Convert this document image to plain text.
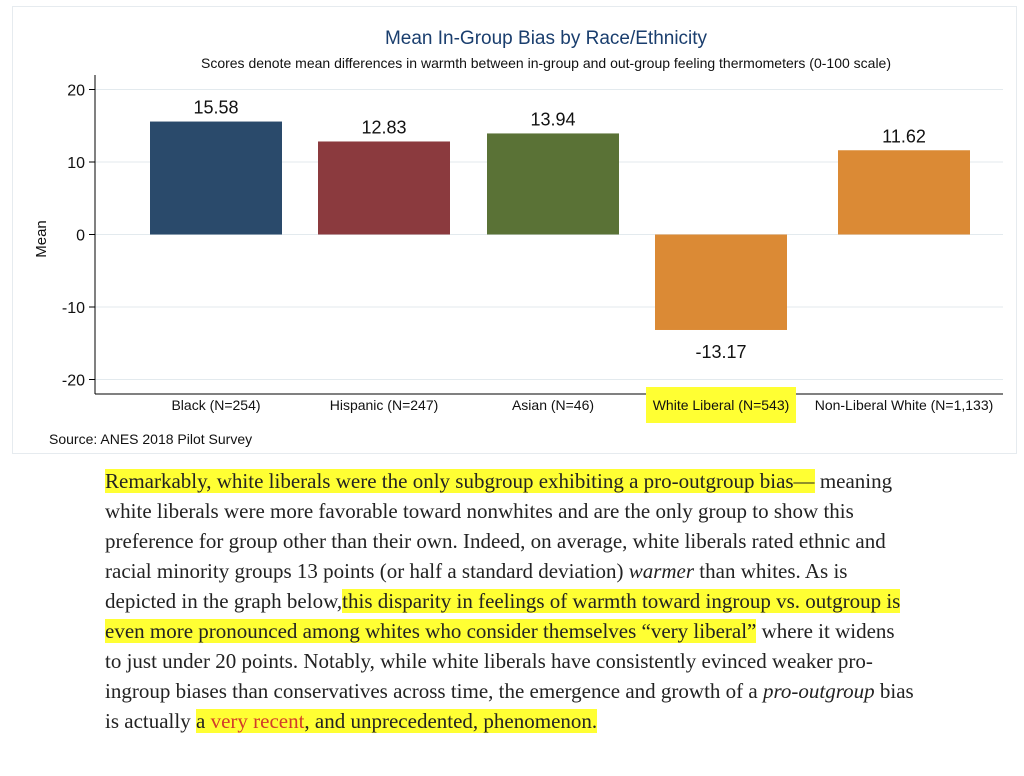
Mean In-Group Bias by Race/Ethnicity
Scores denote mean differences in warmth between in-group and out-group feeling thermometers (0-100 scale)
20
10
0
-10
-20
Black (N=254)	Hispanic (N=247)	Asian (N=46)	White Liberal (N=543) Non-Liberal White (N=1,133)
15.58
12.83	13.94
-13.17
11.62
Mean
Source: ANES 2018 Pilot Survey

Remarkably, white liberals were the only subgroup exhibiting a pro-outgroup bias— meaning white liberals were more favorable toward nonwhites and are the only group to show this preference for group other than their own. Indeed, on average, white liberals rated ethnic and racial minority groups 13 points (or half a standard deviation) warmer than whites. As is depicted in the graph below,this disparity in feelings of warmth toward ingroup vs. outgroup is even more pronounced among whites who consider themselves “very liberal” where it widens to just under 20 points. Notably, while white liberals have consistently evinced weaker pro-ingroup biases than conservatives across time, the emergence and growth of a pro-outgroup bias is actually a very recent, and unprecedented, phenomenon.
